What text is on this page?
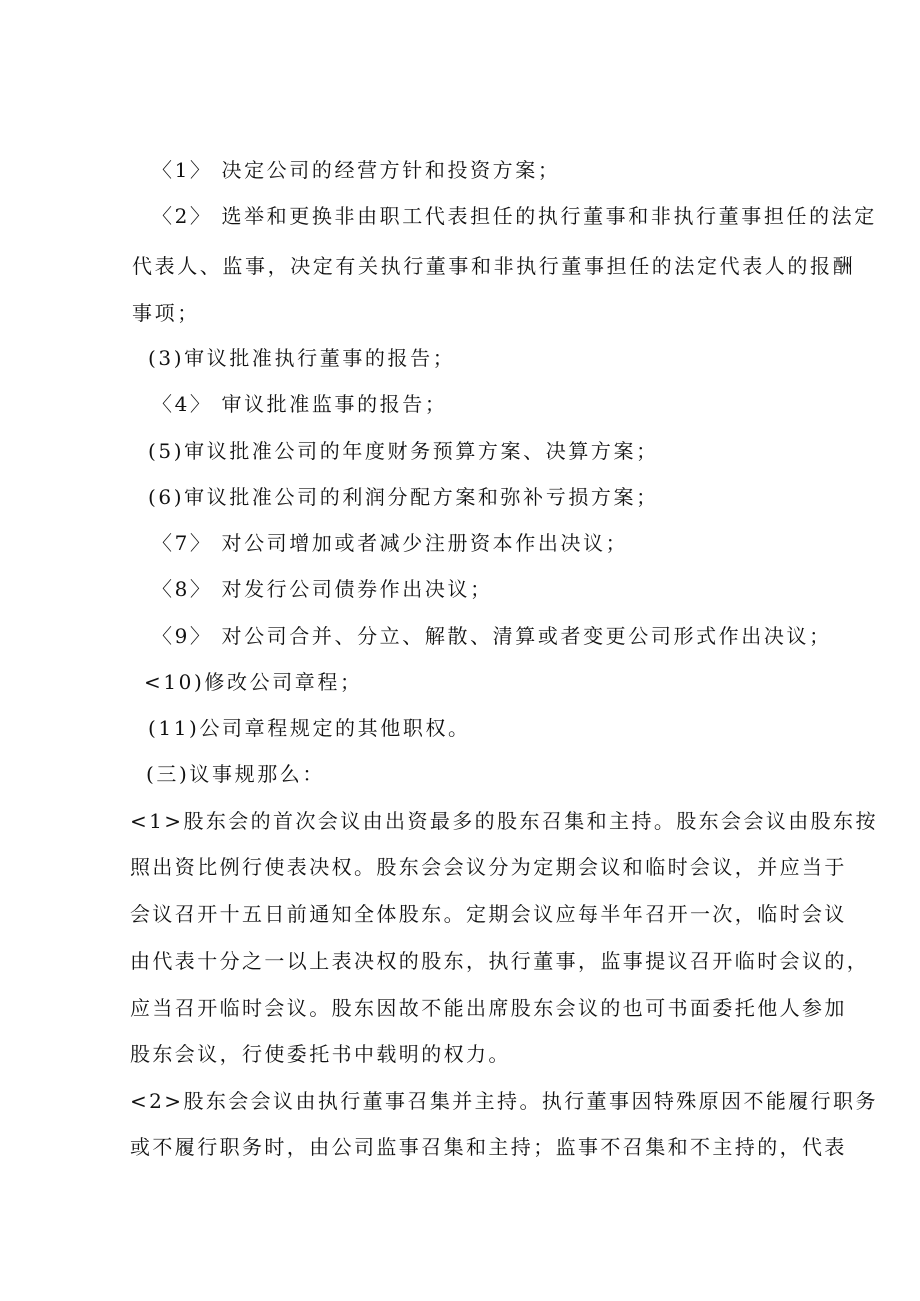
〈1〉 决定公司的经营方针和投资方案；
〈2〉 选举和更换非由职工代表担任的执行董事和非执行董事担任的法定
代表人、监事，决定有关执行董事和非执行董事担任的法定代表人的报酬
事项；
(3)审议批准执行董事的报告；
〈4〉 审议批准监事的报告；
(5)审议批准公司的年度财务预算方案、决算方案；
(6)审议批准公司的利润分配方案和弥补亏损方案；
〈7〉 对公司增加或者减少注册资本作出决议；
〈8〉 对发行公司债券作出决议；
〈9〉 对公司合并、分立、解散、清算或者变更公司形式作出决议；
<10)修改公司章程；
(11)公司章程规定的其他职权。
(三)议事规那么：
<1>股东会的首次会议由出资最多的股东召集和主持。股东会会议由股东按
照出资比例行使表决权。股东会会议分为定期会议和临时会议，并应当于
会议召开十五日前通知全体股东。定期会议应每半年召开一次，临时会议
由代表十分之一以上表决权的股东，执行董事，监事提议召开临时会议的，
应当召开临时会议。股东因故不能出席股东会议的也可书面委托他人参加
股东会议，行使委托书中载明的权力。
<2>股东会会议由执行董事召集并主持。执行董事因特殊原因不能履行职务
或不履行职务时，由公司监事召集和主持；监事不召集和不主持的，代表
